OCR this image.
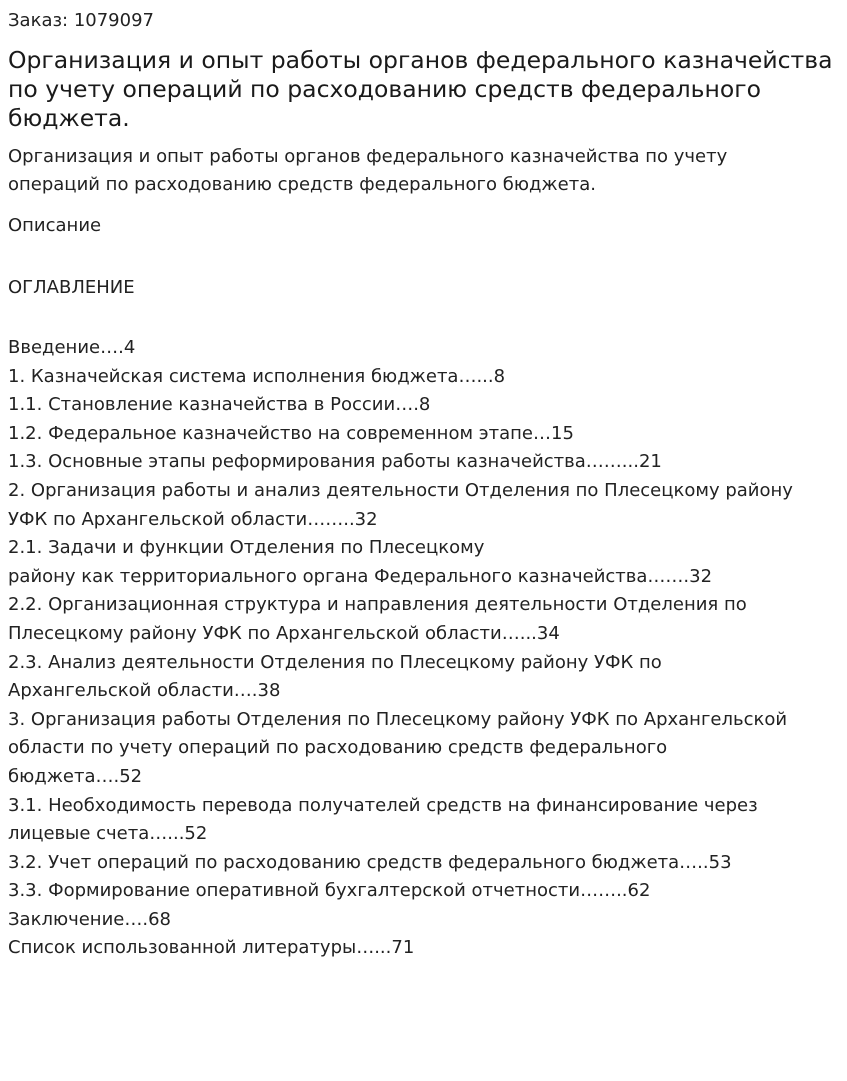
Заказ: 1079097
Организация и опыт работы органов федерального казначейства по учету операций по расходованию средств федерального бюджета.
Организация и опыт работы органов федерального казначейства по учету
операций по расходованию средств федерального бюджета.
Описание
ОГЛАВЛЕНИЕ
Введение….4
1. Казначейская система исполнения бюджета…...8
1.1. Становление казначейства в России….8
1.2. Федеральное казначейство на современном этапе…15
1.3. Основные этапы реформирования работы казначейства……...21
2. Организация работы и анализ деятельности Отделения по Плесецкому району
УФК по Архангельской области……..32
2.1. Задачи и функции Отделения по Плесецкому
району как территориального органа Федерального казначейства…….32
2.2. Организационная структура и направления деятельности Отделения по
Плесецкому району УФК по Архангельской области…...34
2.3. Анализ деятельности Отделения по Плесецкому району УФК по
Архангельской области….38
3. Организация работы Отделения по Плесецкому району УФК по Архангельской
области по учету операций по расходованию средств федерального
бюджета….52
3.1. Необходимость перевода получателей средств на финансирование через
лицевые счета…...52
3.2. Учет операций по расходованию средств федерального бюджета…..53
3.3. Формирование оперативной бухгалтерской отчетности……..62
Заключение….68
Список использованной литературы…...71
